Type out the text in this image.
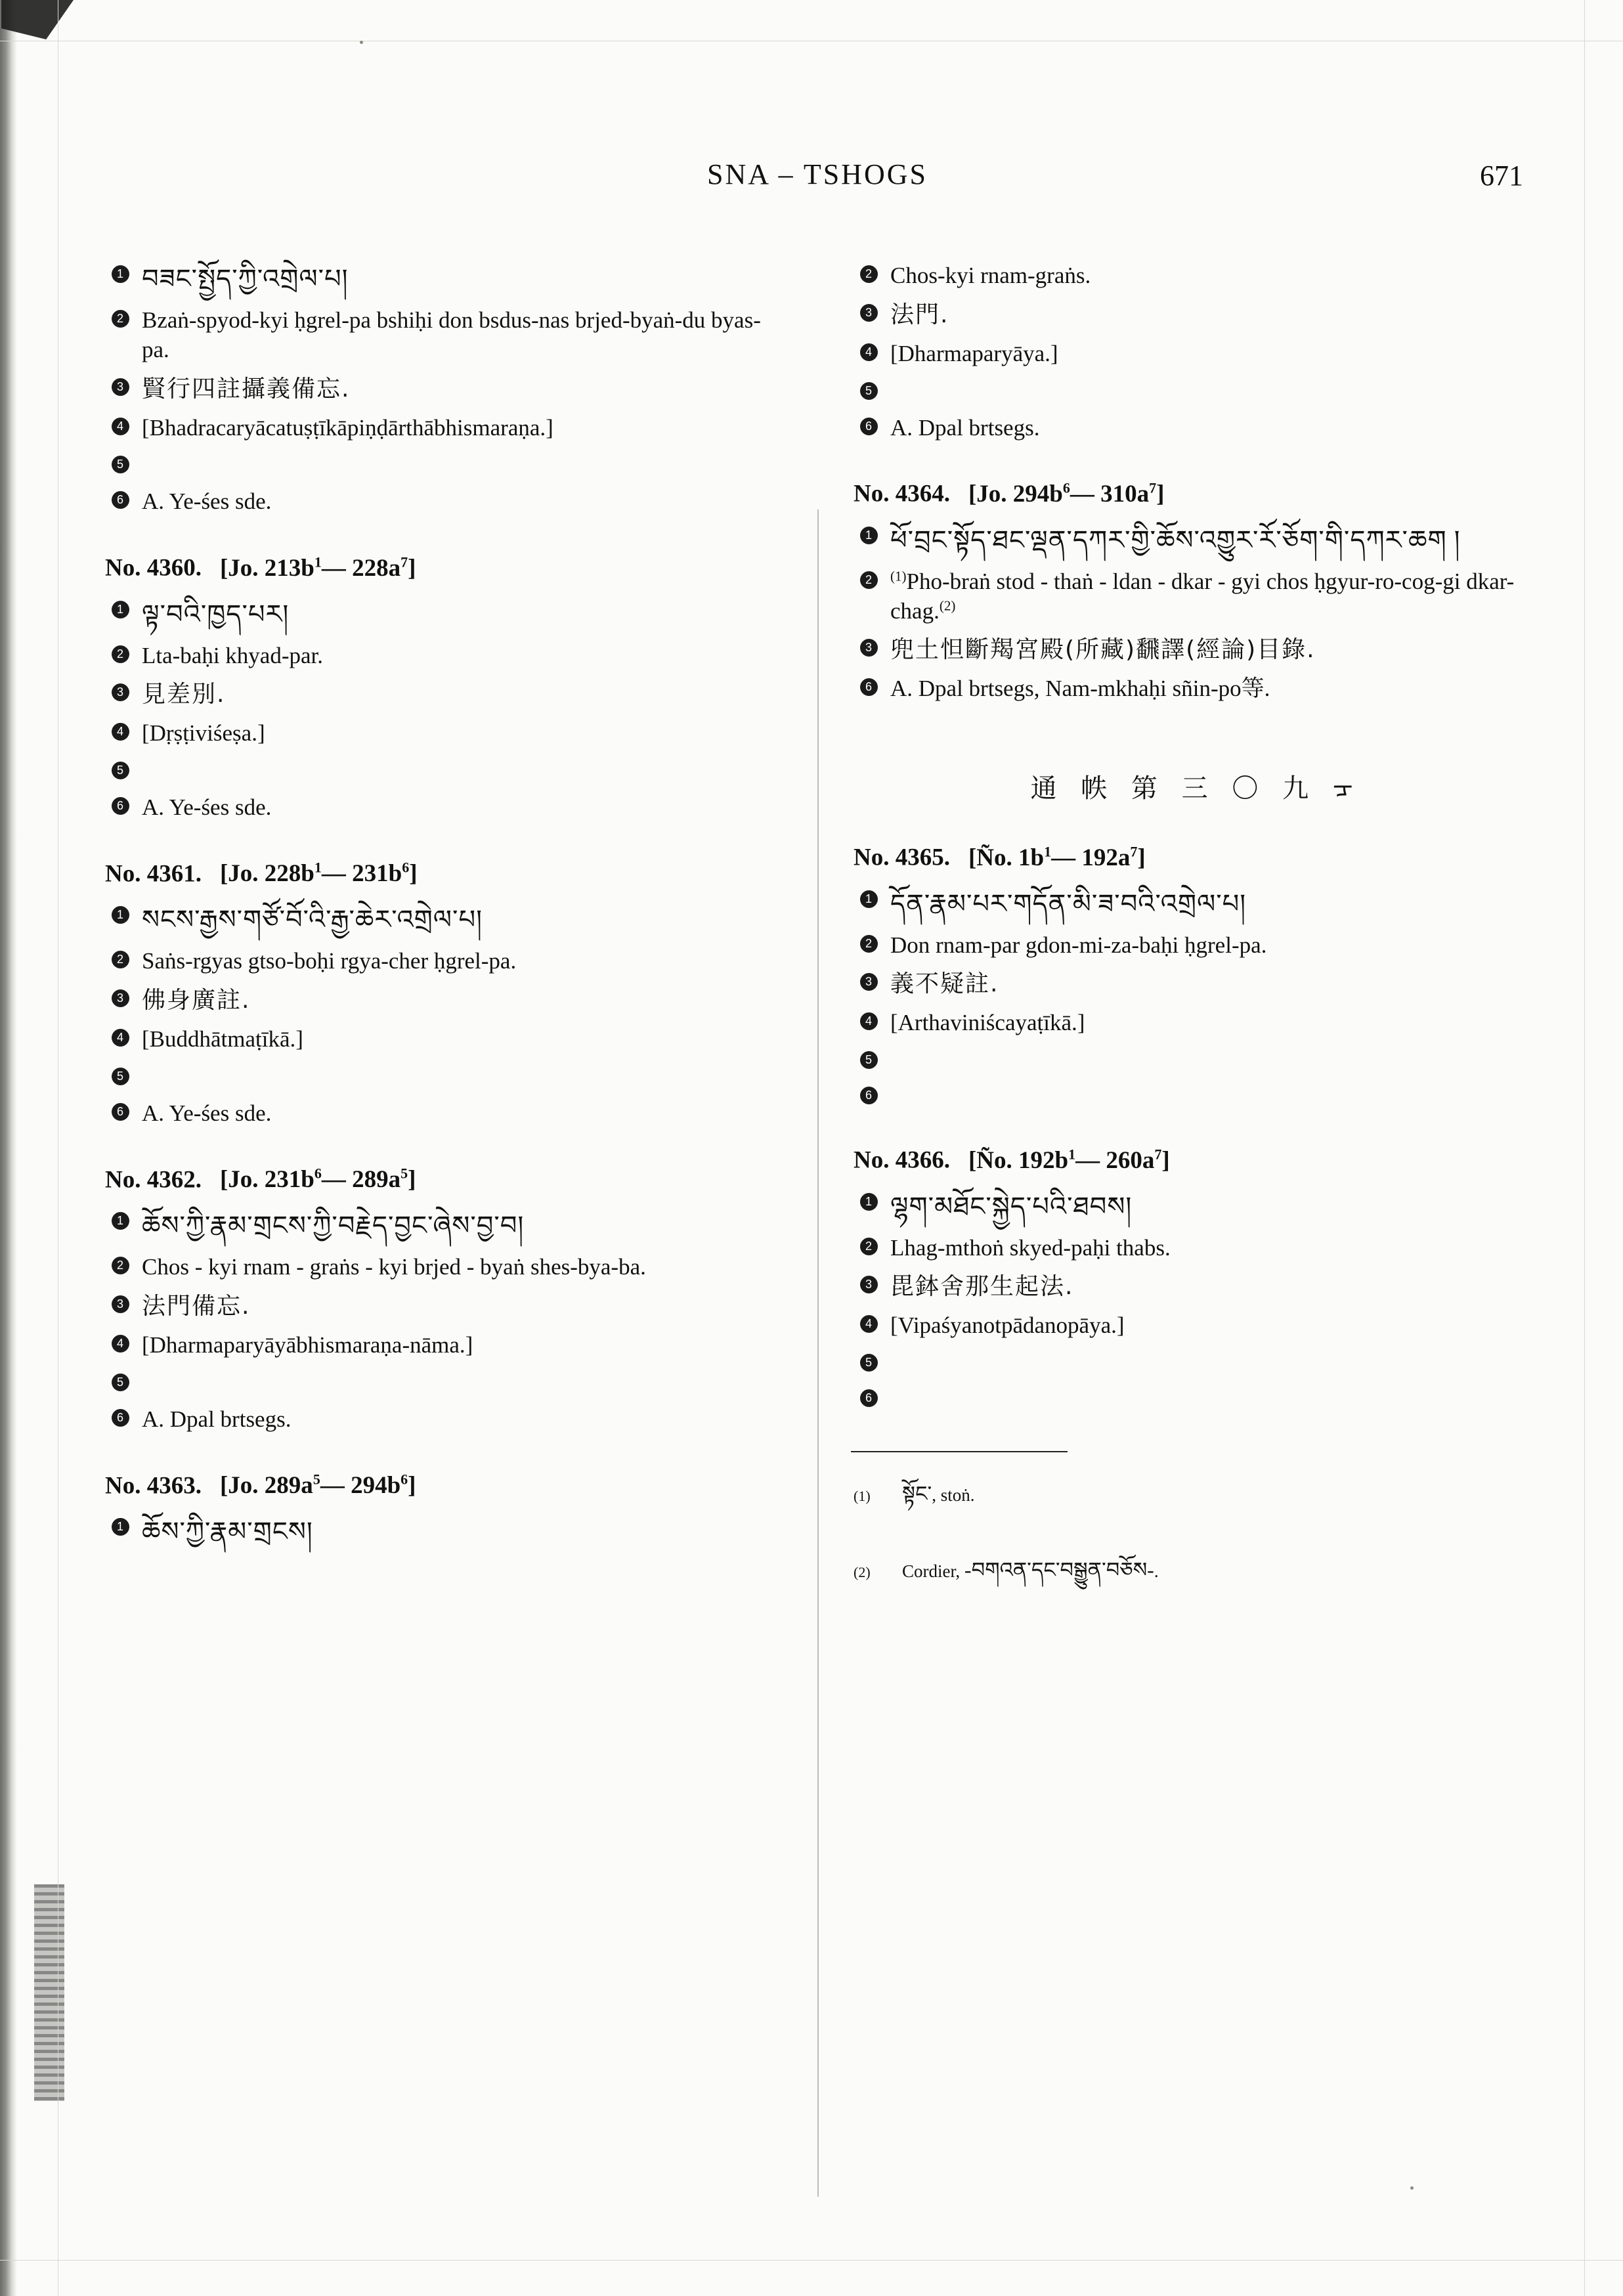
SNA – TSHOGS	671
1 བཟང་སྤྱོད་ཀྱི་འགྲེལ་པ།
2 Bzaṅ-spyod-kyi ḥgrel-pa bshiḥi don bsdus-nas brjed-byaṅ-du byas-pa.
3 賢行四註攝義備忘.
4 [Bhadracaryācatuṣṭīkāpiṇḍārthābhismaraṇa.]
5
6 A. Ye-śes sde.
No. 4360. [Jo. $213b^1—$ $228a^7$]
1 ལྟ་བའི་ཁྱད་པར།
2 Lta-baḥi khyad-par.
3 見差別.
4 [Dṛṣṭiviśeṣa.]
5
6 A. Ye-śes sde.
No. 4361. [Jo. $228b^1—$ $231b^6$]
1 སངས་རྒྱས་གཙོ་བོ་འི་རྒྱ་ཆེར་འགྲེལ་པ།
2 Saṅs-rgyas gtso-boḥi rgya-cher ḥgrel-pa.
3 佛身廣註.
4 [Buddhātmaṭīkā.]
5
6 A. Ye-śes sde.
No. 4362. [Jo. $231b^6—$ $289a^5$]
1 ཆོས་ཀྱི་རྣམ་གྲངས་ཀྱི་བརྗེད་བྱང་ཞེས་བྱ་བ།
2 Chos - kyi rnam - graṅs - kyi brjed - byaṅ shes-bya-ba.
3 法門備忘.
4 [Dharmaparyāyābhismaraṇa-nāma.]
5
6 A. Dpal brtsegs.
No. 4363. [Jo. $289a^5—$ $294b^6$]
1 ཆོས་ཀྱི་རྣམ་གྲངས།
2 Chos-kyi rnam-graṅs.
3 法門.
4 [Dharmaparyāya.]
5
6 A. Dpal brtsegs.
No. 4364. [Jo. $294b^6—$ $310a^7$]
1 ཕོ་བྲང་སྟོད་ཐང་ལྡན་དཀར་གྱི་ཆོས་འགྱུར་རོ་ཅོག་གི་དཀར་ཆག །
2	$^{(1)}$Pho-braṅ stod - thaṅ - ldan - dkar - gyi chos ḥgyur-ro-cog-gi dkar-chag.$^{(2)}$
3 兜土怛斷羯宮殿(所藏)飜譯(經論)目錄.
6 A. Dpal brtsegs, Nam-mkhaḥi sñin-po等.
通 帙 第 三 〇 九 ᠴ
No. 4365. [Ño. $1b^1—$ $192a^7$]
1 དོན་རྣམ་པར་གདོན་མི་ཟ་བའི་འགྲེལ་པ།
2 Don rnam-par gdon-mi-za-baḥi ḥgrel-pa.
3 義不疑註.
4 [Arthaviniścayaṭīkā.]
5
6
No. 4366. [Ño. $192b^1—$ $260a^7$]
1 ལྷག་མཐོང་སྐྱེད་པའི་ཐབས།
2 Lhag-mthoṅ skyed-paḥi thabs.
3 毘鉢舍那生起法.
4 [Vipaśyanotpādanopāya.]
5
6
(1)	སྟོང་, stoṅ.
(2)	Cordier, -བགའན་དང་བསྒྱུན་བཅོས-.
